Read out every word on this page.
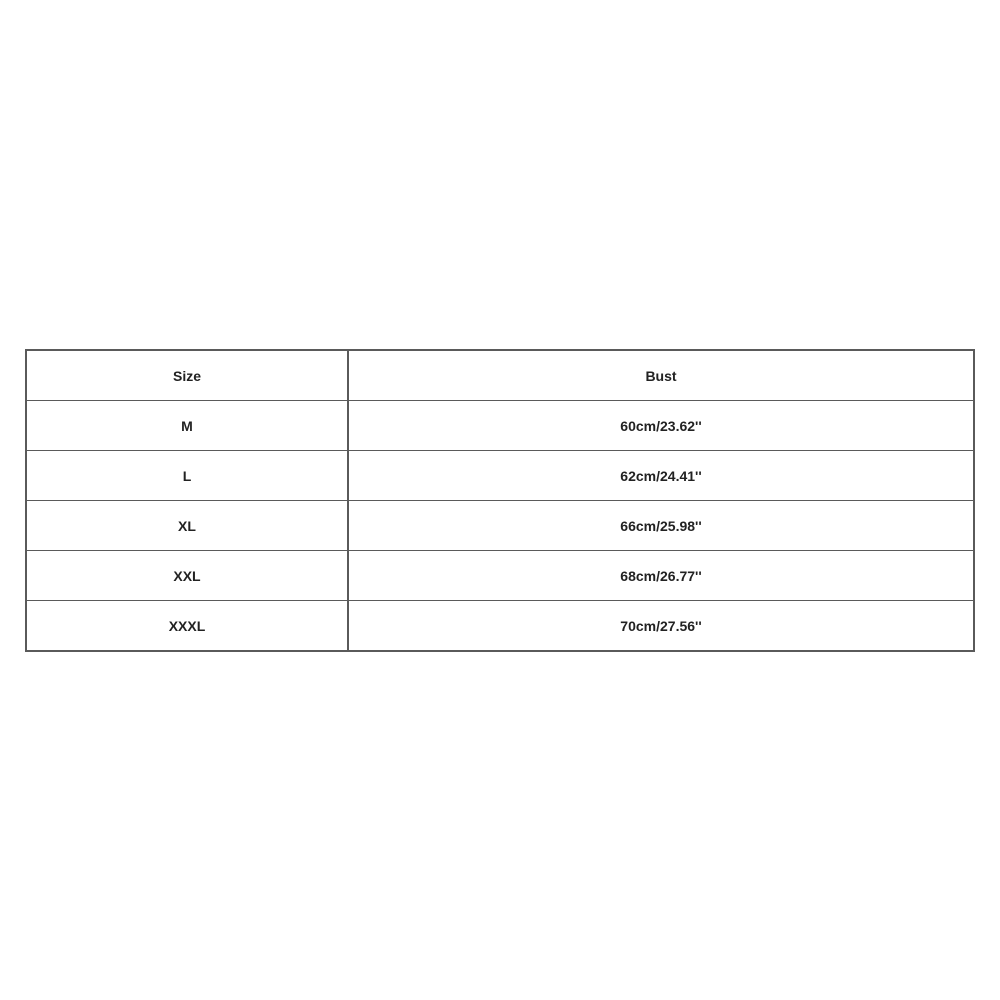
Size	Bust
M	60cm/23.62''
L	62cm/24.41''
XL	66cm/25.98''
XXL	68cm/26.77''
XXXL	70cm/27.56''
